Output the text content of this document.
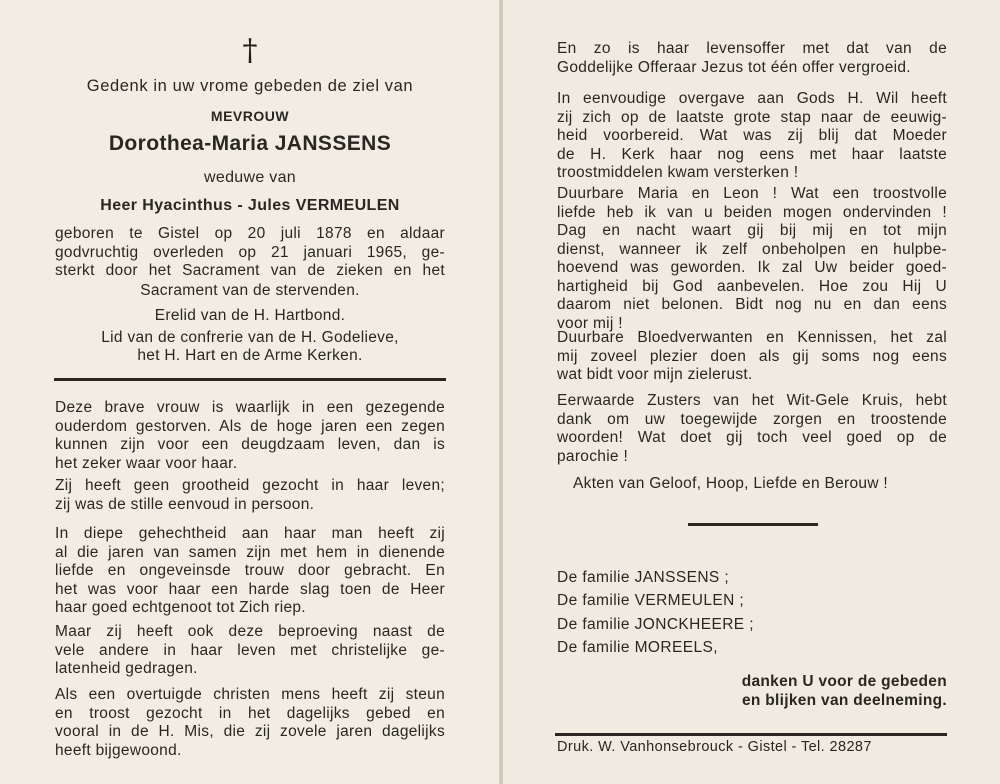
†
Gedenk in uw vrome gebeden de ziel van
MEVROUW
Dorothea-Maria JANSSENS
weduwe van
Heer Hyacinthus - Jules VERMEULEN

geboren te Gistel op 20 juli 1878 en aldaar

godvruchtig overleden op 21 januari 1965, ge-

sterkt door het Sacrament van de zieken en het

Sacrament van de stervenden.
Erelid van de H. Hartbond.
Lid van de confrerie van de H. Godelieve,
het H. Hart en de Arme Kerken.

Deze brave vrouw is waarlijk in een gezegende

ouderdom gestorven. Als de hoge jaren een zegen

kunnen zijn voor een deugdzaam leven, dan is

het zeker waar voor haar.

Zij heeft geen grootheid gezocht in haar leven;

zij was de stille eenvoud in persoon.

In diepe gehechtheid aan haar man heeft zij

al die jaren van samen zijn met hem in dienende

liefde en ongeveinsde trouw door gebracht. En

het was voor haar een harde slag toen de Heer

haar goed echtgenoot tot Zich riep.

Maar zij heeft ook deze beproeving naast de

vele andere in haar leven met christelijke ge-

latenheid gedragen.

Als een overtuigde christen mens heeft zij steun

en troost gezocht in het dagelijks gebed en

vooral in de H. Mis, die zij zovele jaren dagelijks

heeft bijgewoond.

En zo is haar levensoffer met dat van de

Goddelijke Offeraar Jezus tot één offer vergroeid.

In eenvoudige overgave aan Gods H. Wil heeft

zij zich op de laatste grote stap naar de eeuwig-

heid voorbereid. Wat was zij blij dat Moeder

de H. Kerk haar nog eens met haar laatste

troostmiddelen kwam versterken !

Duurbare Maria en Leon ! Wat een troostvolle

liefde heb ik van u beiden mogen ondervinden !

Dag en nacht waart gij bij mij en tot mijn

dienst, wanneer ik zelf onbeholpen en hulpbe-

hoevend was geworden. Ik zal Uw beider goed-

hartigheid bij God aanbevelen. Hoe zou Hij U

daarom niet belonen. Bidt nog nu en dan eens

voor mij !

Duurbare Bloedverwanten en Kennissen, het zal

mij zoveel plezier doen als gij soms nog eens

wat bidt voor mijn zielerust.

Eerwaarde Zusters van het Wit-Gele Kruis, hebt

dank om uw toegewijde zorgen en troostende

woorden! Wat doet gij toch veel goed op de

parochie !

Akten van Geloof, Hoop, Liefde en Berouw !
De familie JANSSENS ;
De familie VERMEULEN ;
De familie JONCKHEERE ;
De familie MOREELS,
danken U voor de gebeden
en blijken van deelneming.
Druk. W. Vanhonsebrouck - Gistel - Tel. 28287
